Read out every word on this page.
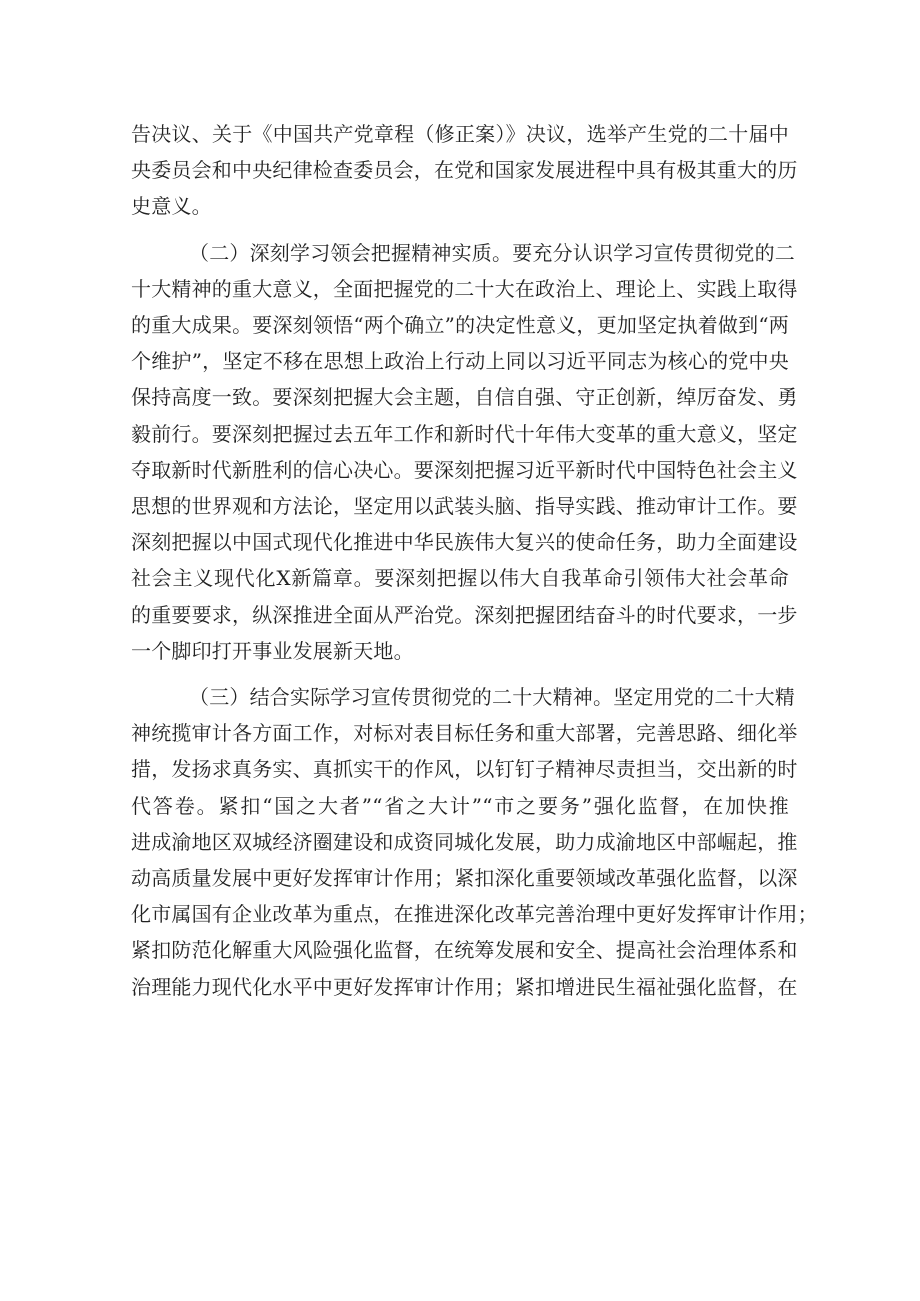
告决议、关于《中国共产党章程（修正案）》决议，选举产生党的二十届中
央委员会和中央纪律检查委员会，在党和国家发展进程中具有极其重大的历
史意义。
（二）深刻学习领会把握精神实质。要充分认识学习宣传贯彻党的二
十大精神的重大意义，全面把握党的二十大在政治上、理论上、实践上取得
的重大成果。要深刻领悟“两个确立”的决定性意义，更加坚定执着做到“两
个维护”，坚定不移在思想上政治上行动上同以习近平同志为核心的党中央
保持高度一致。要深刻把握大会主题，自信自强、守正创新，绰厉奋发、勇
毅前行。要深刻把握过去五年工作和新时代十年伟大变革的重大意义，坚定
夺取新时代新胜利的信心决心。要深刻把握习近平新时代中国特色社会主义
思想的世界观和方法论，坚定用以武装头脑、指导实践、推动审计工作。要
深刻把握以中国式现代化推进中华民族伟大复兴的使命任务，助力全面建设
社会主义现代化X新篇章。要深刻把握以伟大自我革命引领伟大社会革命
的重要要求，纵深推进全面从严治党。深刻把握团结奋斗的时代要求，一步
一个脚印打开事业发展新天地。
（三）结合实际学习宣传贯彻党的二十大精神。坚定用党的二十大精
神统揽审计各方面工作，对标对表目标任务和重大部署，完善思路、细化举
措，发扬求真务实、真抓实干的作风，以钉钉子精神尽责担当，交出新的时
代答卷。紧扣“国之大者”“省之大计”“市之要务”强化监督，在加快推
进成渝地区双城经济圈建设和成资同城化发展，助力成渝地区中部崛起，推
动高质量发展中更好发挥审计作用；紧扣深化重要领域改革强化监督，以深
化市属国有企业改革为重点，在推进深化改革完善治理中更好发挥审计作用；
紧扣防范化解重大风险强化监督，在统筹发展和安全、提高社会治理体系和
治理能力现代化水平中更好发挥审计作用；紧扣增进民生福祉强化监督，在
